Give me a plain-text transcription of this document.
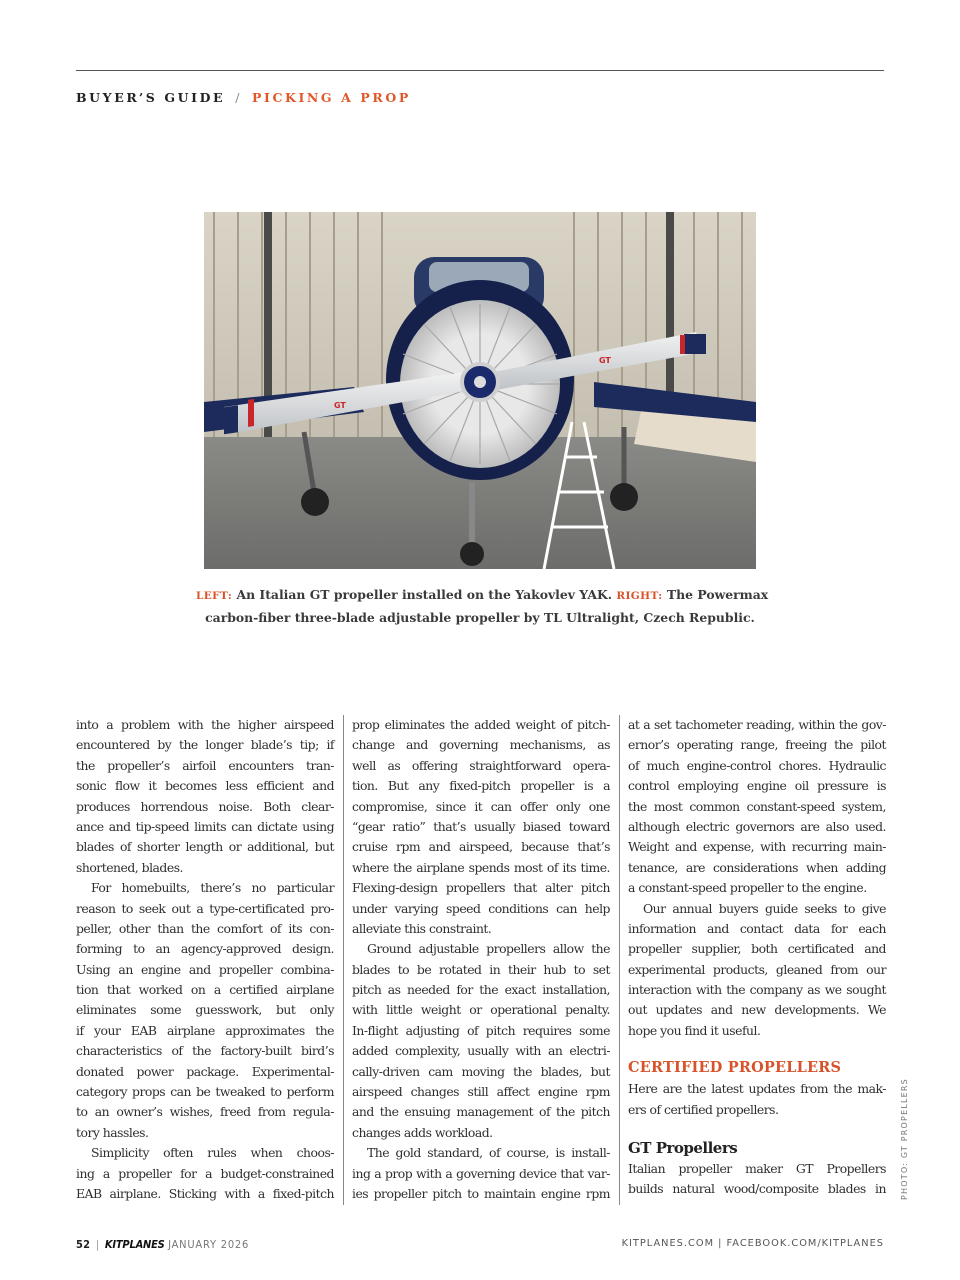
BUYER’S GUIDE / PICKING A PROP
GT
GT
LEFT: An Italian GT propeller installed on the Yakovlev YAK. RIGHT: The Powermax
carbon-fiber three-blade adjustable propeller by TL Ultralight, Czech Republic.
into a problem with the higher airspeed
encountered by the longer blade’s tip; if
the propeller’s airfoil encounters tran-
sonic flow it becomes less efficient and
produces horrendous noise. Both clear-
ance and tip-speed limits can dictate using
blades of shorter length or additional, but
shortened, blades.
For homebuilts, there’s no particular
reason to seek out a type-certificated pro-
peller, other than the comfort of its con-
forming to an agency-approved design.
Using an engine and propeller combina-
tion that worked on a certified airplane
eliminates some guesswork, but only
if your EAB airplane approximates the
characteristics of the factory-built bird’s
donated power package. Experimental-
category props can be tweaked to perform
to an owner’s wishes, freed from regula-
tory hassles.
Simplicity often rules when choos-
ing a propeller for a budget-constrained
EAB airplane. Sticking with a fixed-pitch
prop eliminates the added weight of pitch-
change and governing mechanisms, as
well as offering straightforward opera-
tion. But any fixed-pitch propeller is a
compromise, since it can offer only one
“gear ratio” that’s usually biased toward
cruise rpm and airspeed, because that’s
where the airplane spends most of its time.
Flexing-design propellers that alter pitch
under varying speed conditions can help
alleviate this constraint.
Ground adjustable propellers allow the
blades to be rotated in their hub to set
pitch as needed for the exact installation,
with little weight or operational penalty.
In-flight adjusting of pitch requires some
added complexity, usually with an electri-
cally-driven cam moving the blades, but
airspeed changes still affect engine rpm
and the ensuing management of the pitch
changes adds workload.
The gold standard, of course, is install-
ing a prop with a governing device that var-
ies propeller pitch to maintain engine rpm
at a set tachometer reading, within the gov-
ernor’s operating range, freeing the pilot
of much engine-control chores. Hydraulic
control employing engine oil pressure is
the most common constant-speed system,
although electric governors are also used.
Weight and expense, with recurring main-
tenance, are considerations when adding
a constant-speed propeller to the engine.
Our annual buyers guide seeks to give
information and contact data for each
propeller supplier, both certificated and
experimental products, gleaned from our
interaction with the company as we sought
out updates and new developments. We
hope you find it useful.
CERTIFIED PROPELLERS
Here are the latest updates from the mak-
ers of certified propellers.
GT Propellers
Italian propeller maker GT Propellers
builds natural wood/composite blades in PHOTO: GT PROPELLERS
52 | KITPLANES JANUARY 2026	KITPLANES.COM | FACEBOOK.COM/KITPLANES
